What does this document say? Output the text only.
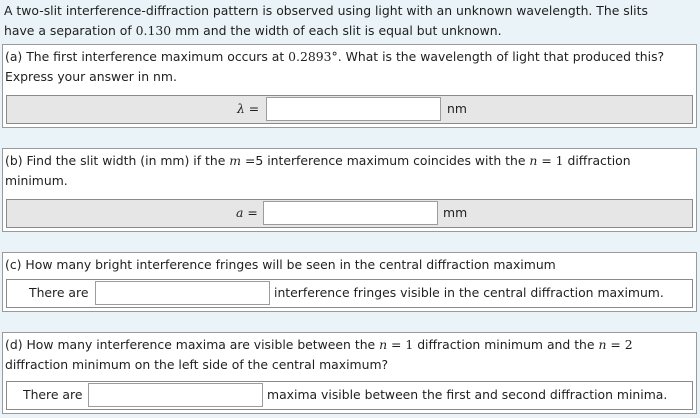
A two-slit interference-diffraction pattern is observed using light with an unknown wavelength. The slits
have a separation of 0.130 mm and the width of each slit is equal but unknown.
(a) The first interference maximum occurs at 0.2893°. What is the wavelength of light that produced this?
Express your answer in nm.
λ =	nm
(b) Find the slit width (in mm) if the m =5 interference maximum coincides with the n = 1 diffraction
minimum.
a =	mm
(c) How many bright interference fringes will be seen in the central diffraction maximum
There are	interference fringes visible in the central diffraction maximum.
(d) How many interference maxima are visible between the n = 1 diffraction minimum and the n = 2
diffraction minimum on the left side of the central maximum?
There are	maxima visible between the first and second diffraction minima.
